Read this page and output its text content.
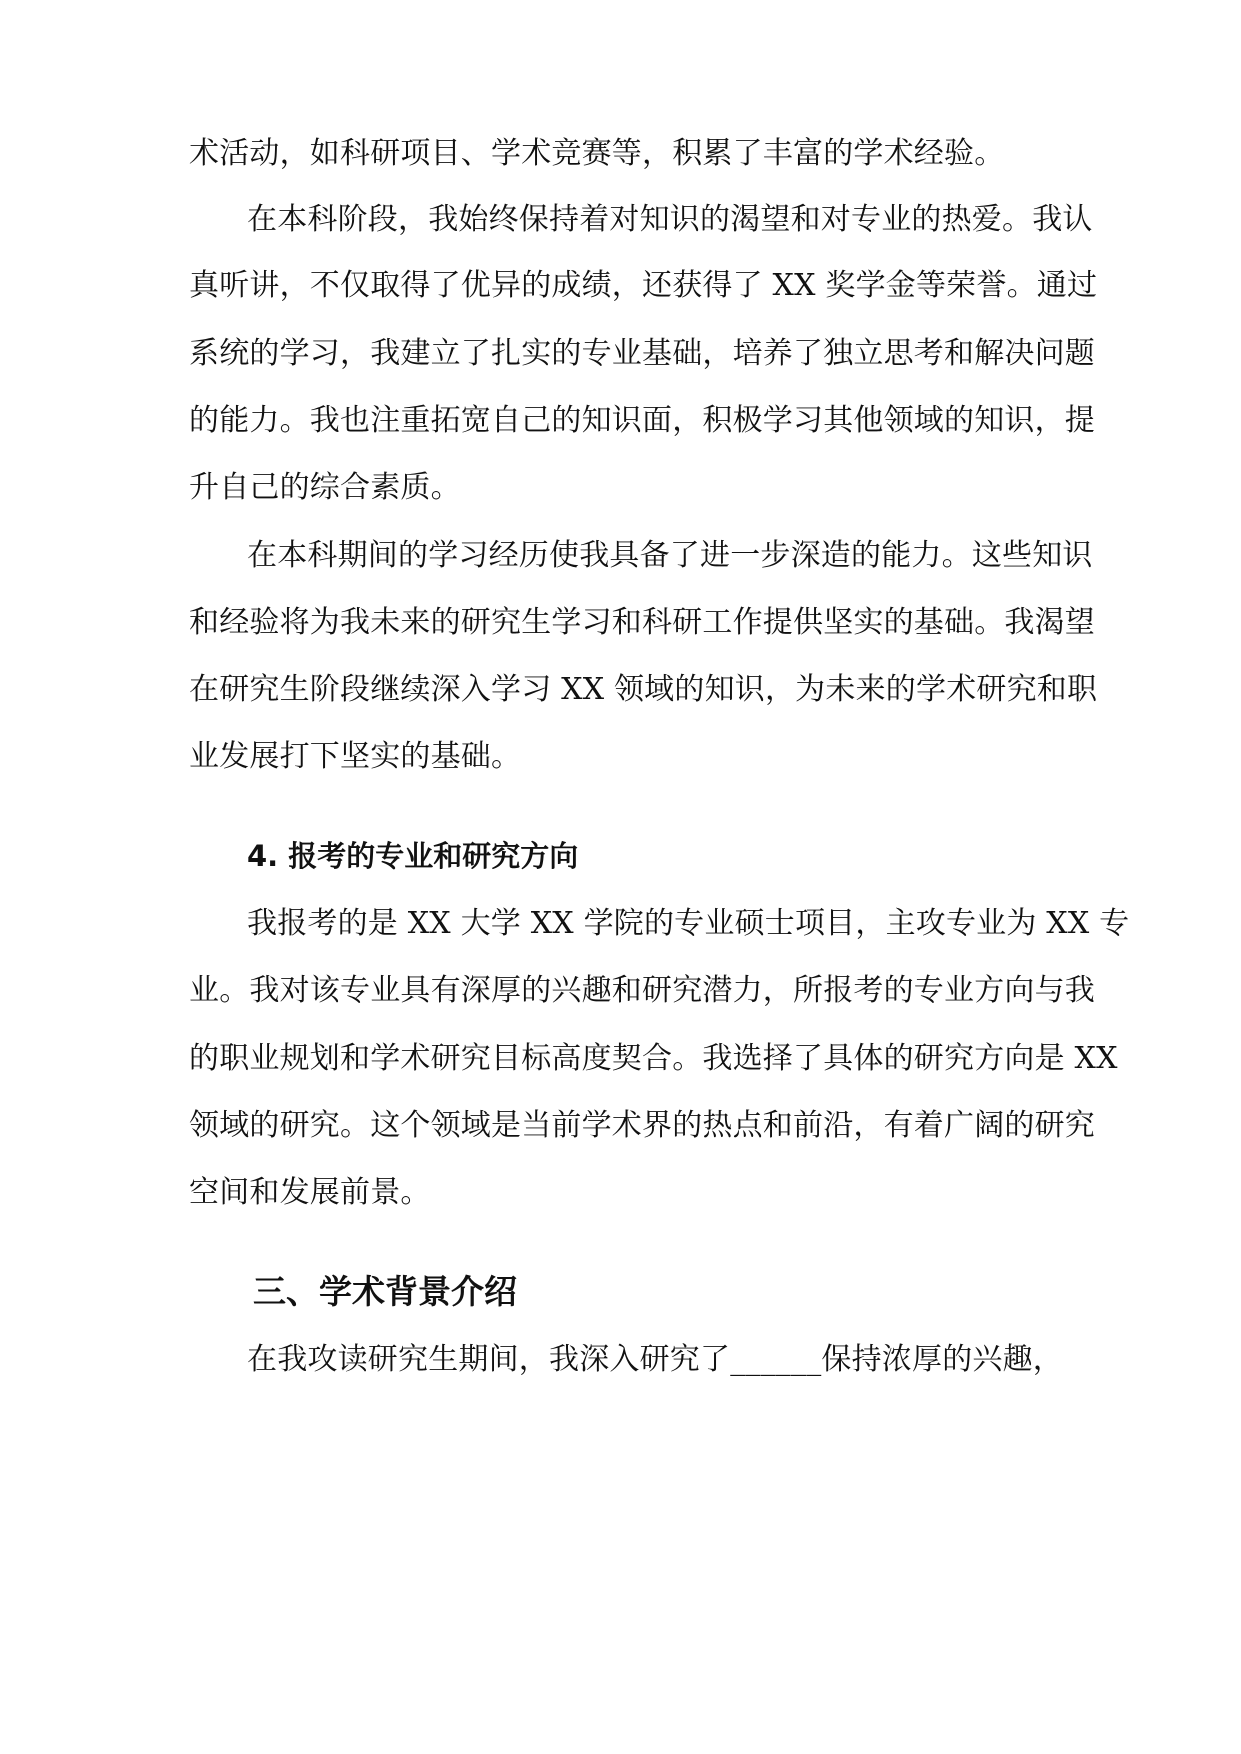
术活动，如科研项目、学术竞赛等，积累了丰富的学术经验。
在本科阶段，我始终保持着对知识的渴望和对专业的热爱。我认
真听讲，不仅取得了优异的成绩，还获得了 XX 奖学金等荣誉。通过
系统的学习，我建立了扎实的专业基础，培养了独立思考和解决问题
的能力。我也注重拓宽自己的知识面，积极学习其他领域的知识，提
升自己的综合素质。
在本科期间的学习经历使我具备了进一步深造的能力。这些知识
和经验将为我未来的研究生学习和科研工作提供坚实的基础。我渴望
在研究生阶段继续深入学习 XX 领域的知识，为未来的学术研究和职
业发展打下坚实的基础。
4. 报考的专业和研究方向
我报考的是 XX 大学 XX 学院的专业硕士项目，主攻专业为 XX 专
业。我对该专业具有深厚的兴趣和研究潜力，所报考的专业方向与我
的职业规划和学术研究目标高度契合。我选择了具体的研究方向是 XX
领域的研究。这个领域是当前学术界的热点和前沿，有着广阔的研究
空间和发展前景。
三、学术背景介绍
在我攻读研究生期间，我深入研究了______保持浓厚的兴趣，
